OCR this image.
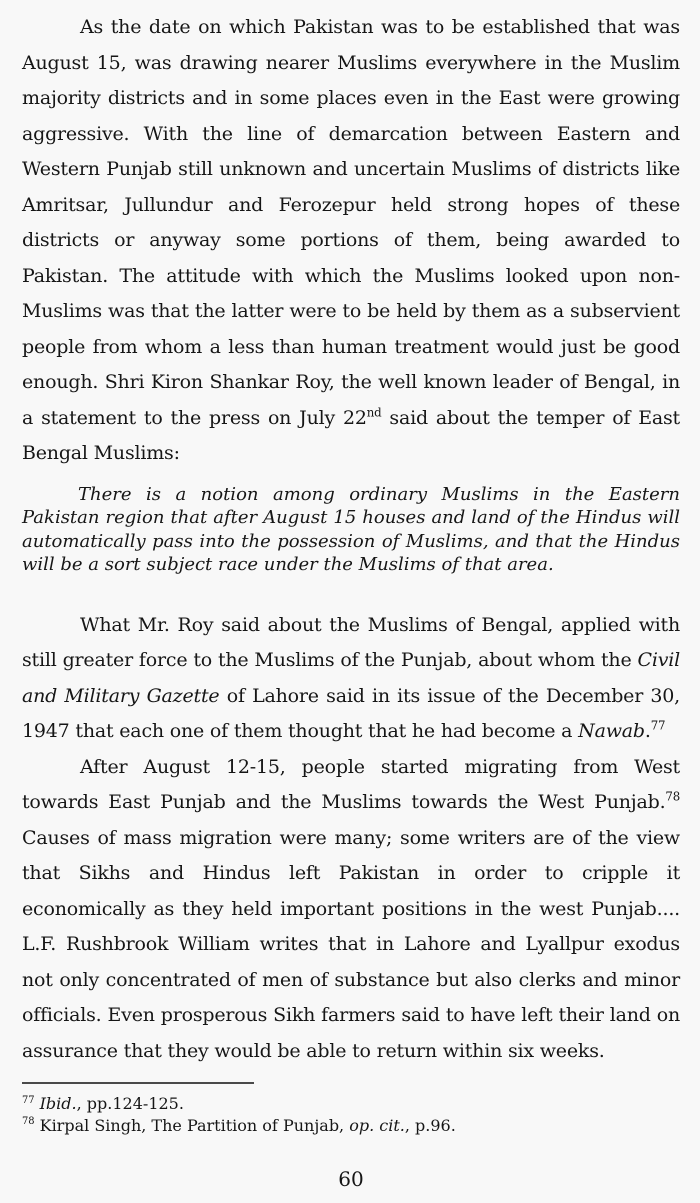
As the date on which Pakistan was to be established that was August 15, was drawing nearer Muslims everywhere in the Muslim majority districts and in some places even in the East were growing aggressive. With the line of demarcation between Eastern and Western Punjab still unknown and uncertain Muslims of districts like Amritsar, Jullundur and Ferozepur held strong hopes of these districts or anyway some portions of them, being awarded to Pakistan. The attitude with which the Muslims looked upon non-Muslims was that the latter were to be held by them as a subservient people from whom a less than human treatment would just be good enough. Shri Kiron Shankar Roy, the well known leader of Bengal, in a statement to the press on July 22nd said about the temper of East Bengal Muslims:

There is a notion among ordinary Muslims in the Eastern Pakistan region that after August 15 houses and land of the Hindus will automatically pass into the possession of Muslims, and that the Hindus will be a sort subject race under the Muslims of that area.

What Mr. Roy said about the Muslims of Bengal, applied with still greater force to the Muslims of the Punjab, about whom the Civil and Military Gazette of Lahore said in its issue of the December 30, 1947 that each one of them thought that he had become a Nawab.$^{77}$

After August 12-15, people started migrating from West towards East Punjab and the Muslims towards the West Punjab.$^{78}$ Causes of mass migration were many; some writers are of the view that Sikhs and Hindus left Pakistan in order to cripple it economically as they held important positions in the west Punjab.... L.F. Rushbrook William writes that in Lahore and Lyallpur exodus not only concentrated of men of substance but also clerks and minor officials. Even prosperous Sikh farmers said to have left their land on assurance that they would be able to return within six weeks.

$^{77}$ Ibid., pp.124-125.
$^{78}$ Kirpal Singh, The Partition of Punjab, op. cit., p.96.
60
